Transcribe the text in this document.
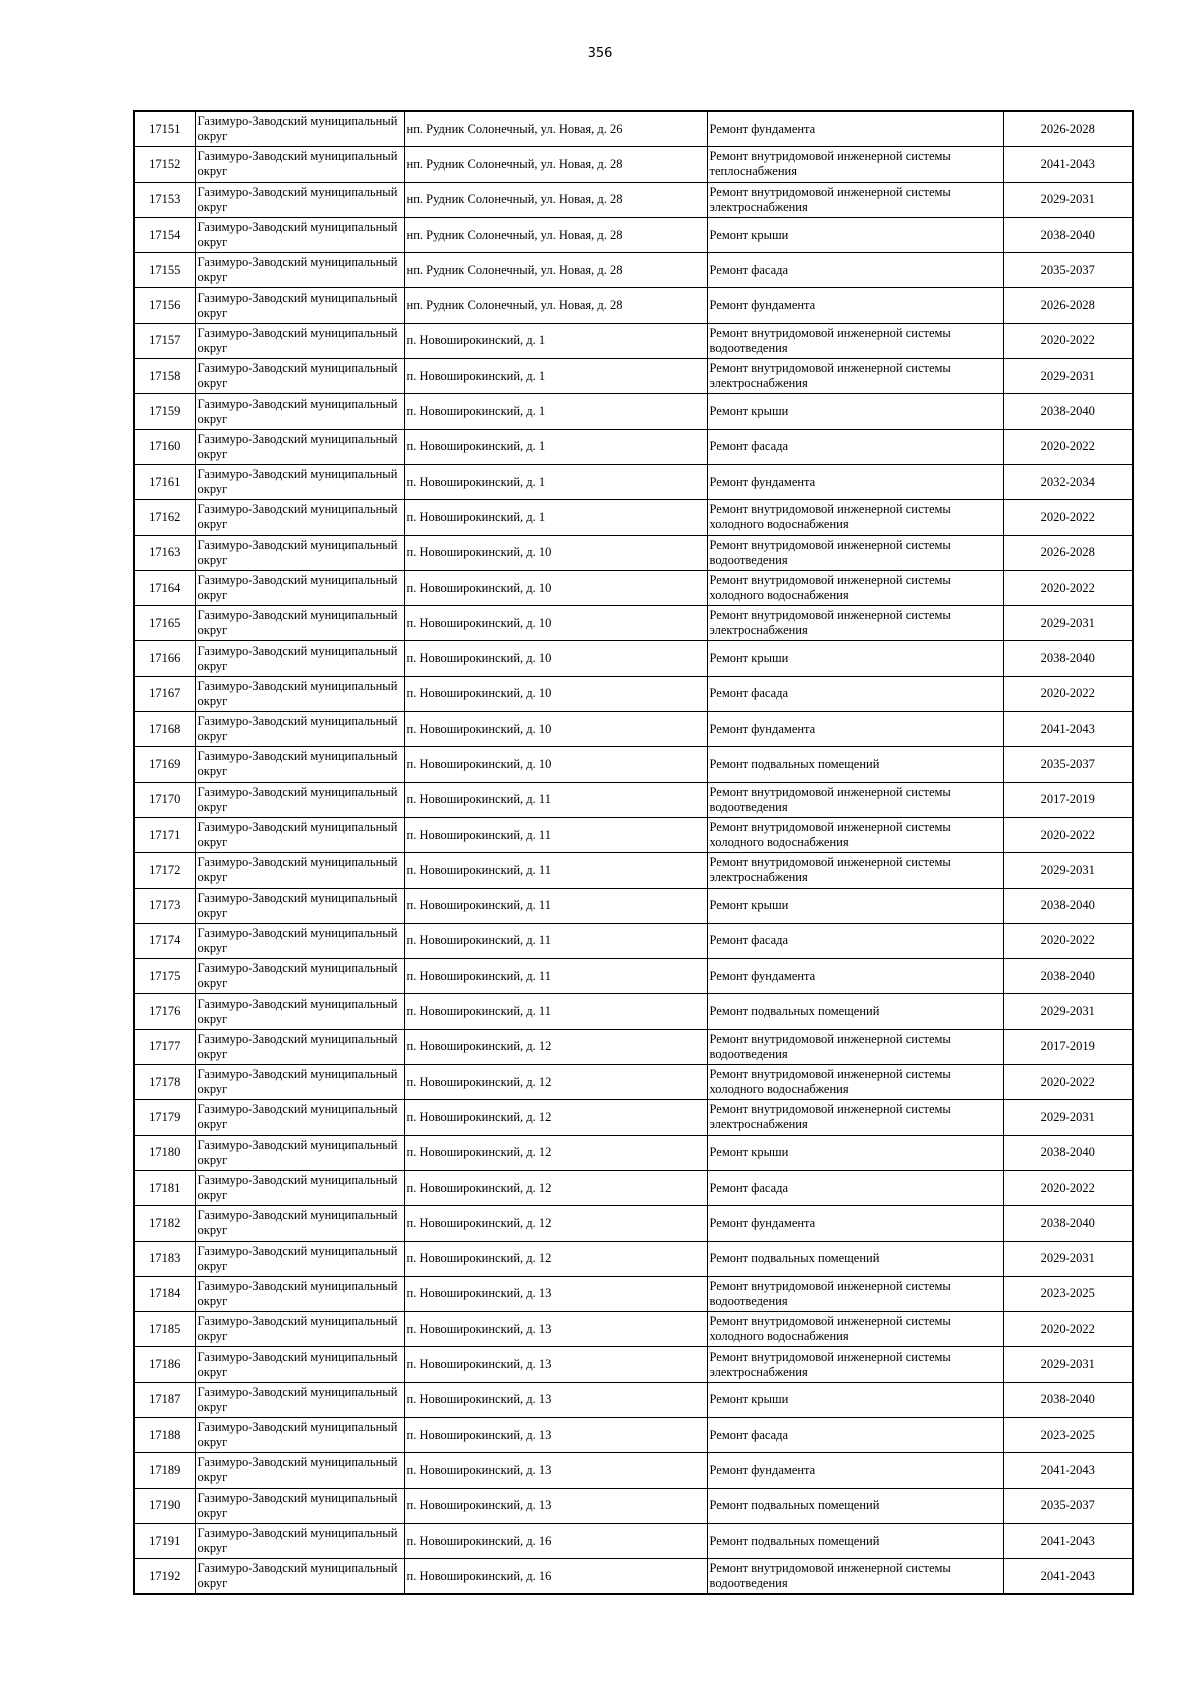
356
17151	Газимуро-Заводский муниципальный округ	нп. Рудник Солонечный, ул. Новая, д. 26	Ремонт фундамента	2026-2028
17152	Газимуро-Заводский муниципальный округ	нп. Рудник Солонечный, ул. Новая, д. 28	Ремонт внутридомовой инженерной системы теплоснабжения	2041-2043
17153	Газимуро-Заводский муниципальный округ	нп. Рудник Солонечный, ул. Новая, д. 28	Ремонт внутридомовой инженерной системы электроснабжения	2029-2031
17154	Газимуро-Заводский муниципальный округ	нп. Рудник Солонечный, ул. Новая, д. 28	Ремонт крыши	2038-2040
17155	Газимуро-Заводский муниципальный округ	нп. Рудник Солонечный, ул. Новая, д. 28	Ремонт фасада	2035-2037
17156	Газимуро-Заводский муниципальный округ	нп. Рудник Солонечный, ул. Новая, д. 28	Ремонт фундамента	2026-2028
17157	Газимуро-Заводский муниципальный округ	п. Новоширокинский, д. 1	Ремонт внутридомовой инженерной системы водоотведения	2020-2022
17158	Газимуро-Заводский муниципальный округ	п. Новоширокинский, д. 1	Ремонт внутридомовой инженерной системы электроснабжения	2029-2031
17159	Газимуро-Заводский муниципальный округ	п. Новоширокинский, д. 1	Ремонт крыши	2038-2040
17160	Газимуро-Заводский муниципальный округ	п. Новоширокинский, д. 1	Ремонт фасада	2020-2022
17161	Газимуро-Заводский муниципальный округ	п. Новоширокинский, д. 1	Ремонт фундамента	2032-2034
17162	Газимуро-Заводский муниципальный округ	п. Новоширокинский, д. 1	Ремонт внутридомовой инженерной системы холодного водоснабжения	2020-2022
17163	Газимуро-Заводский муниципальный округ	п. Новоширокинский, д. 10	Ремонт внутридомовой инженерной системы водоотведения	2026-2028
17164	Газимуро-Заводский муниципальный округ	п. Новоширокинский, д. 10	Ремонт внутридомовой инженерной системы холодного водоснабжения	2020-2022
17165	Газимуро-Заводский муниципальный округ	п. Новоширокинский, д. 10	Ремонт внутридомовой инженерной системы электроснабжения	2029-2031
17166	Газимуро-Заводский муниципальный округ	п. Новоширокинский, д. 10	Ремонт крыши	2038-2040
17167	Газимуро-Заводский муниципальный округ	п. Новоширокинский, д. 10	Ремонт фасада	2020-2022
17168	Газимуро-Заводский муниципальный округ	п. Новоширокинский, д. 10	Ремонт фундамента	2041-2043
17169	Газимуро-Заводский муниципальный округ	п. Новоширокинский, д. 10	Ремонт подвальных помещений	2035-2037
17170	Газимуро-Заводский муниципальный округ	п. Новоширокинский, д. 11	Ремонт внутридомовой инженерной системы водоотведения	2017-2019
17171	Газимуро-Заводский муниципальный округ	п. Новоширокинский, д. 11	Ремонт внутридомовой инженерной системы холодного водоснабжения	2020-2022
17172	Газимуро-Заводский муниципальный округ	п. Новоширокинский, д. 11	Ремонт внутридомовой инженерной системы электроснабжения	2029-2031
17173	Газимуро-Заводский муниципальный округ	п. Новоширокинский, д. 11	Ремонт крыши	2038-2040
17174	Газимуро-Заводский муниципальный округ	п. Новоширокинский, д. 11	Ремонт фасада	2020-2022
17175	Газимуро-Заводский муниципальный округ	п. Новоширокинский, д. 11	Ремонт фундамента	2038-2040
17176	Газимуро-Заводский муниципальный округ	п. Новоширокинский, д. 11	Ремонт подвальных помещений	2029-2031
17177	Газимуро-Заводский муниципальный округ	п. Новоширокинский, д. 12	Ремонт внутридомовой инженерной системы водоотведения	2017-2019
17178	Газимуро-Заводский муниципальный округ	п. Новоширокинский, д. 12	Ремонт внутридомовой инженерной системы холодного водоснабжения	2020-2022
17179	Газимуро-Заводский муниципальный округ	п. Новоширокинский, д. 12	Ремонт внутридомовой инженерной системы электроснабжения	2029-2031
17180	Газимуро-Заводский муниципальный округ	п. Новоширокинский, д. 12	Ремонт крыши	2038-2040
17181	Газимуро-Заводский муниципальный округ	п. Новоширокинский, д. 12	Ремонт фасада	2020-2022
17182	Газимуро-Заводский муниципальный округ	п. Новоширокинский, д. 12	Ремонт фундамента	2038-2040
17183	Газимуро-Заводский муниципальный округ	п. Новоширокинский, д. 12	Ремонт подвальных помещений	2029-2031
17184	Газимуро-Заводский муниципальный округ	п. Новоширокинский, д. 13	Ремонт внутридомовой инженерной системы водоотведения	2023-2025
17185	Газимуро-Заводский муниципальный округ	п. Новоширокинский, д. 13	Ремонт внутридомовой инженерной системы холодного водоснабжения	2020-2022
17186	Газимуро-Заводский муниципальный округ	п. Новоширокинский, д. 13	Ремонт внутридомовой инженерной системы электроснабжения	2029-2031
17187	Газимуро-Заводский муниципальный округ	п. Новоширокинский, д. 13	Ремонт крыши	2038-2040
17188	Газимуро-Заводский муниципальный округ	п. Новоширокинский, д. 13	Ремонт фасада	2023-2025
17189	Газимуро-Заводский муниципальный округ	п. Новоширокинский, д. 13	Ремонт фундамента	2041-2043
17190	Газимуро-Заводский муниципальный округ	п. Новоширокинский, д. 13	Ремонт подвальных помещений	2035-2037
17191	Газимуро-Заводский муниципальный округ	п. Новоширокинский, д. 16	Ремонт подвальных помещений	2041-2043
17192	Газимуро-Заводский муниципальный округ	п. Новоширокинский, д. 16	Ремонт внутридомовой инженерной системы водоотведения	2041-2043
